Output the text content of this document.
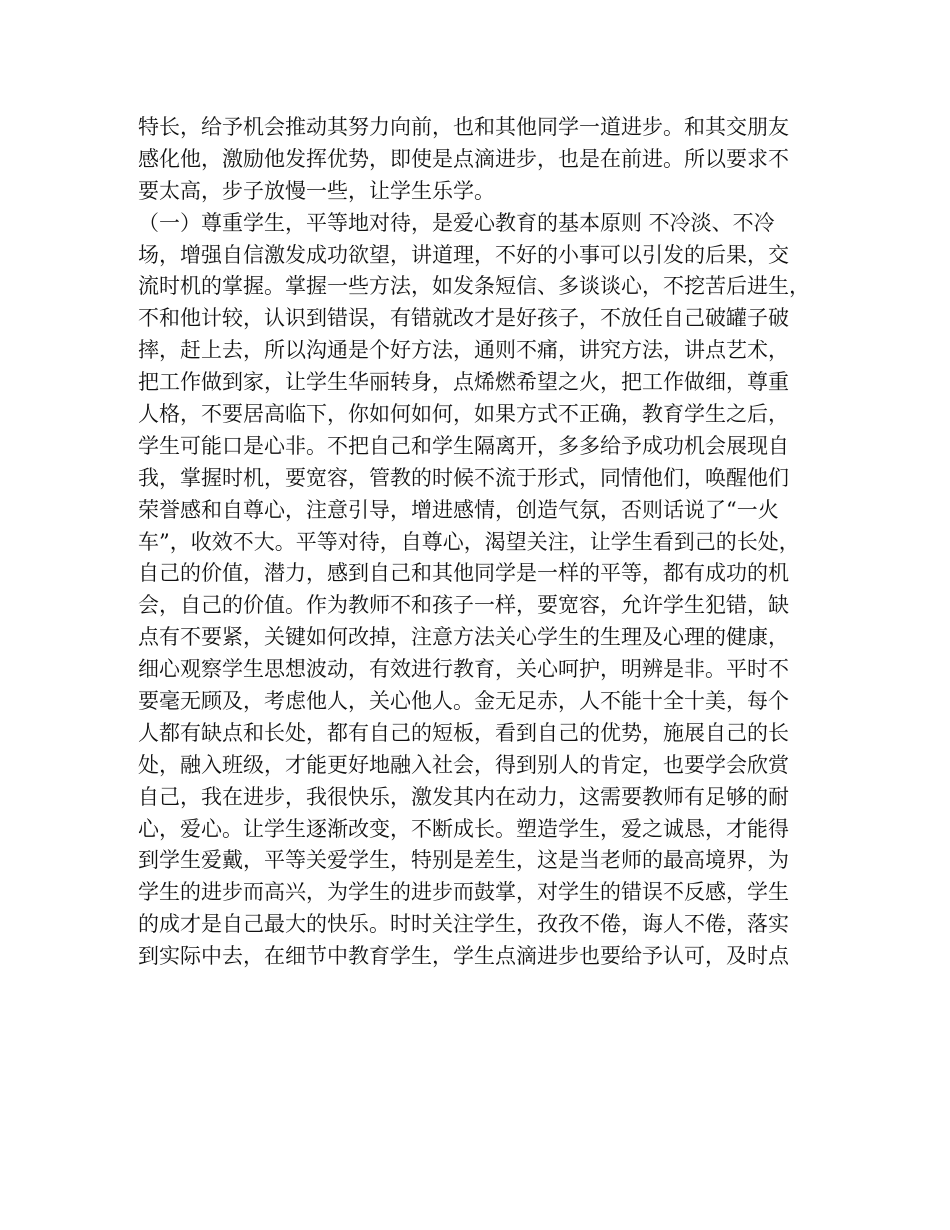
特长，给予机会推动其努力向前，也和其他同学一道进步。和其交朋友
感化他，激励他发挥优势，即使是点滴进步，也是在前进。所以要求不
要太高，步子放慢一些，让学生乐学。
（一）尊重学生，平等地对待，是爱心教育的基本原则 不冷淡、不冷
场，增强自信激发成功欲望，讲道理，不好的小事可以引发的后果，交
流时机的掌握。掌握一些方法，如发条短信、多谈谈心，不挖苦后进生，
不和他计较，认识到错误，有错就改才是好孩子，不放任自己破罐子破
摔，赶上去，所以沟通是个好方法，通则不痛，讲究方法，讲点艺术，
把工作做到家，让学生华丽转身，点烯燃希望之火，把工作做细，尊重
人格，不要居高临下，你如何如何，如果方式不正确，教育学生之后，
学生可能口是心非。不把自己和学生隔离开，多多给予成功机会展现自
我，掌握时机，要宽容，管教的时候不流于形式，同情他们，唤醒他们
荣誉感和自尊心，注意引导，增进感情，创造气氛，否则话说了“一火
车”，收效不大。平等对待，自尊心，渴望关注，让学生看到己的长处，
自己的价值，潜力，感到自己和其他同学是一样的平等，都有成功的机
会，自己的价值。作为教师不和孩子一样，要宽容，允许学生犯错，缺
点有不要紧，关键如何改掉，注意方法关心学生的生理及心理的健康，
细心观察学生思想波动，有效进行教育，关心呵护，明辨是非。平时不
要毫无顾及，考虑他人，关心他人。金无足赤，人不能十全十美，每个
人都有缺点和长处，都有自己的短板，看到自己的优势，施展自己的长
处，融入班级，才能更好地融入社会，得到别人的肯定，也要学会欣赏
自己，我在进步，我很快乐，激发其内在动力，这需要教师有足够的耐
心，爱心。让学生逐渐改变，不断成长。塑造学生，爱之诚恳，才能得
到学生爱戴，平等关爱学生，特别是差生，这是当老师的最高境界，为
学生的进步而高兴，为学生的进步而鼓掌，对学生的错误不反感，学生
的成才是自己最大的快乐。时时关注学生，孜孜不倦，诲人不倦，落实
到实际中去，在细节中教育学生，学生点滴进步也要给予认可，及时点
